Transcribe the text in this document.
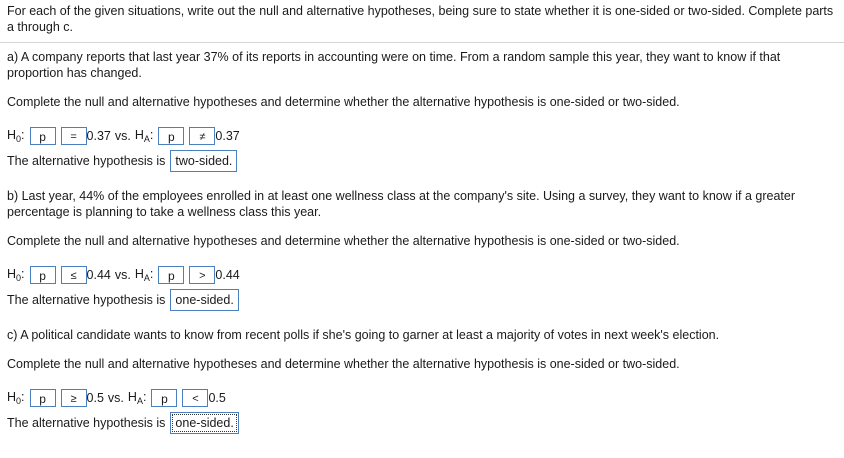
For each of the given situations, write out the null and alternative hypotheses, being sure to state whether it is one-sided or two-sided. Complete parts a through c.
a) A company reports that last year 37% of its reports in accounting were on time. From a random sample this year, they want to know if that proportion has changed.
Complete the null and alternative hypotheses and determine whether the alternative hypothesis is one-sided or two-sided.
$H_0$:	p	= 0.37 vs. $H_A$:	p	≠ 0.37
The alternative hypothesis is two-sided.
b) Last year, 44% of the employees enrolled in at least one wellness class at the company's site. Using a survey, they want to know if a greater percentage is planning to take a wellness class this year.
Complete the null and alternative hypotheses and determine whether the alternative hypothesis is one-sided or two-sided.
$H_0$:	p	≤ 0.44 vs. $H_A$:	p	> 0.44
The alternative hypothesis is one-sided.
c) A political candidate wants to know from recent polls if she's going to garner at least a majority of votes in next week's election.
Complete the null and alternative hypotheses and determine whether the alternative hypothesis is one-sided or two-sided.
$H_0$:	p	≥ 0.5 vs. $H_A$:	p	< 0.5
The alternative hypothesis is one-sided.
